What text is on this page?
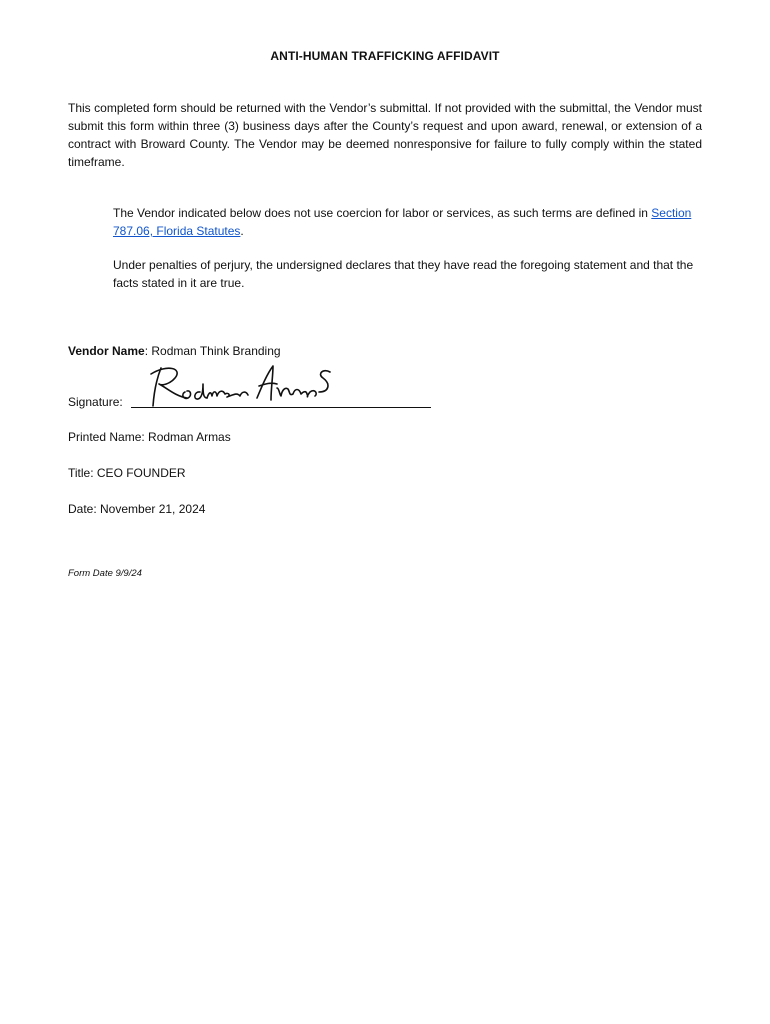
ANTI-HUMAN TRAFFICKING AFFIDAVIT

This completed form should be returned with the Vendor’s submittal. If not provided with the submittal, the Vendor must submit this form within three (3) business days after the County’s request and upon award, renewal, or extension of a contract with Broward County. The Vendor may be deemed nonresponsive for failure to fully comply within the stated timeframe.

The Vendor indicated below does not use coercion for labor or services, as such terms are defined in Section 787.06, Florida Statutes.

Under penalties of perjury, the undersigned declares that they have read the foregoing statement and that the facts stated in it are true.

Vendor Name: Rodman Think Branding
Signature:
Printed Name: Rodman Armas
Title: CEO FOUNDER
Date: November 21, 2024
Form Date 9/9/24
